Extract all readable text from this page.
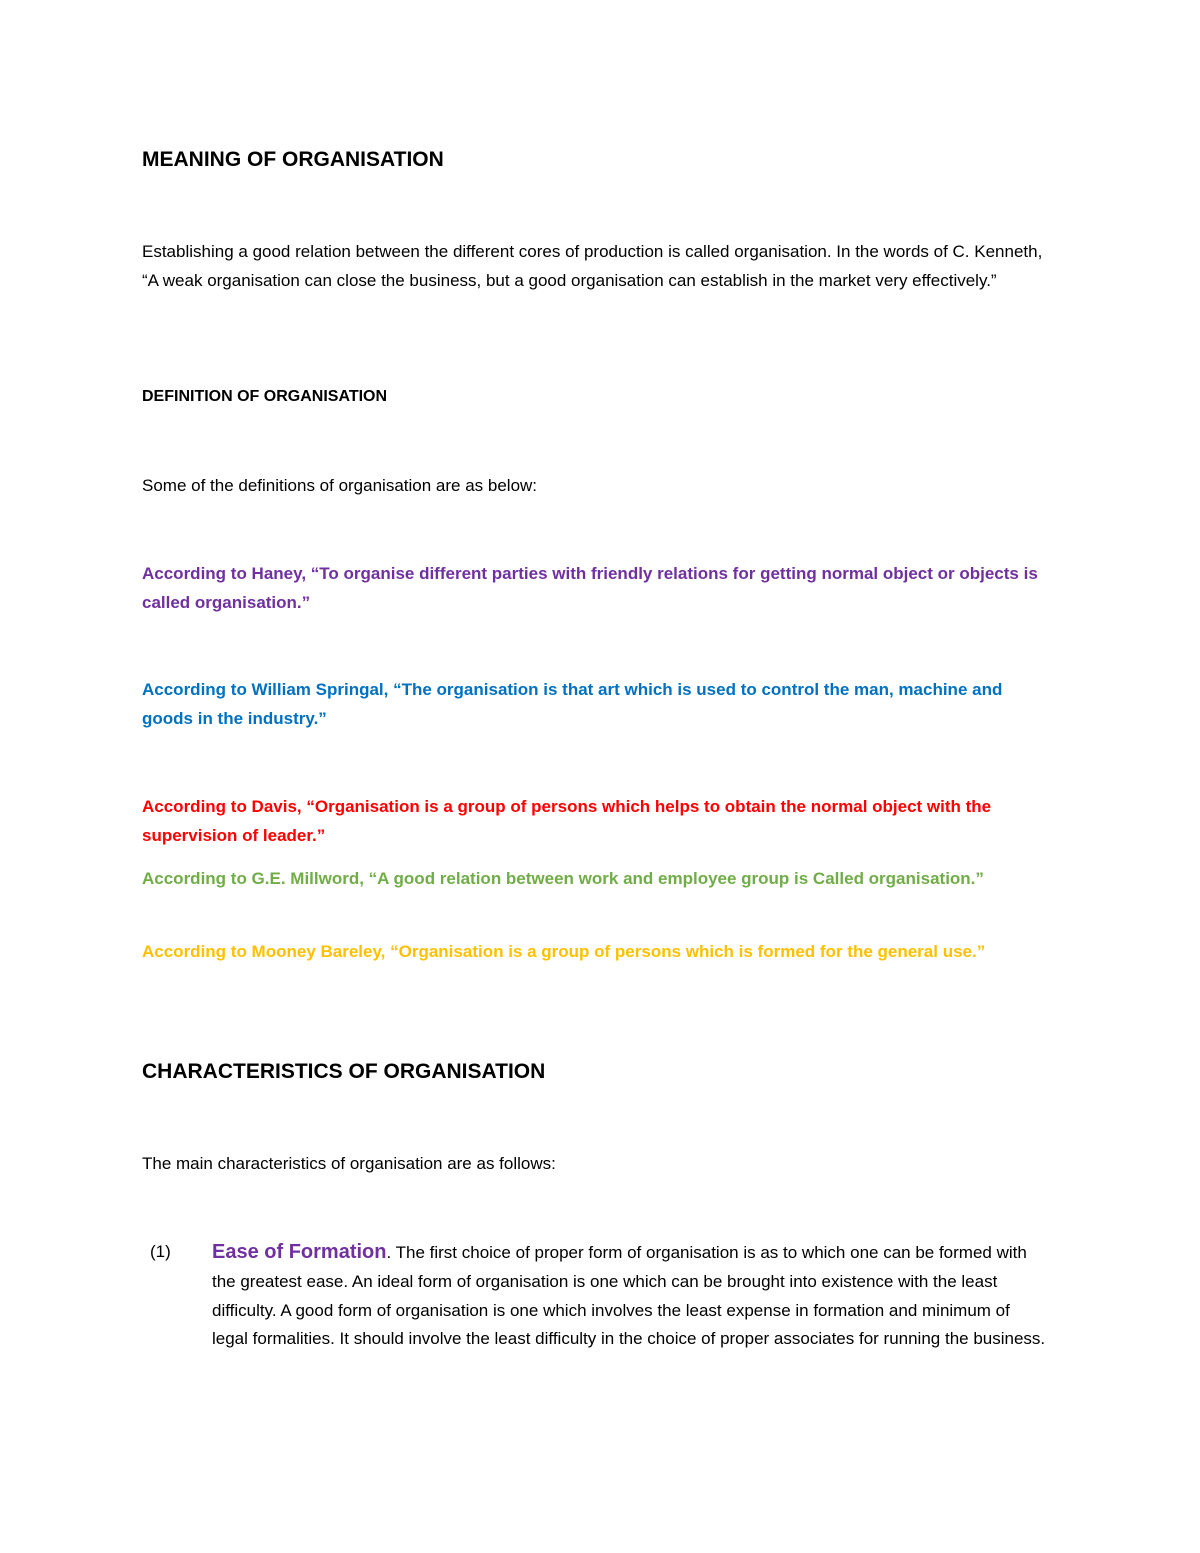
MEANING OF ORGANISATION

Establishing a good relation between the different cores of production is called organisation. In the words of C. Kenneth, “A weak organisation can close the business, but a good organisation can establish in the market very effectively.”

DEFINITION OF ORGANISATION

Some of the definitions of organisation are as below:

According to Haney, “To organise different parties with friendly relations for getting normal object or objects is called organisation.”

According to William Springal, “The organisation is that art which is used to control the man, machine and goods in the industry.”

According to Davis, “Organisation is a group of persons which helps to obtain the normal object with the supervision of leader.”

According to G.E. Millword, “A good relation between work and employee group is Called organisation.”

According to Mooney Bareley, “Organisation is a group of persons which is formed for the general use.”

CHARACTERISTICS OF ORGANISATION

The main characteristics of organisation are as follows:

(1) Ease of Formation. The first choice of proper form of organisation is as to which one can be formed with the greatest ease. An ideal form of organisation is one which can be brought into existence with the least difficulty. A good form of organisation is one which involves the least expense in formation and minimum of legal formalities. It should involve the least difficulty in the choice of proper associates for running the business.
